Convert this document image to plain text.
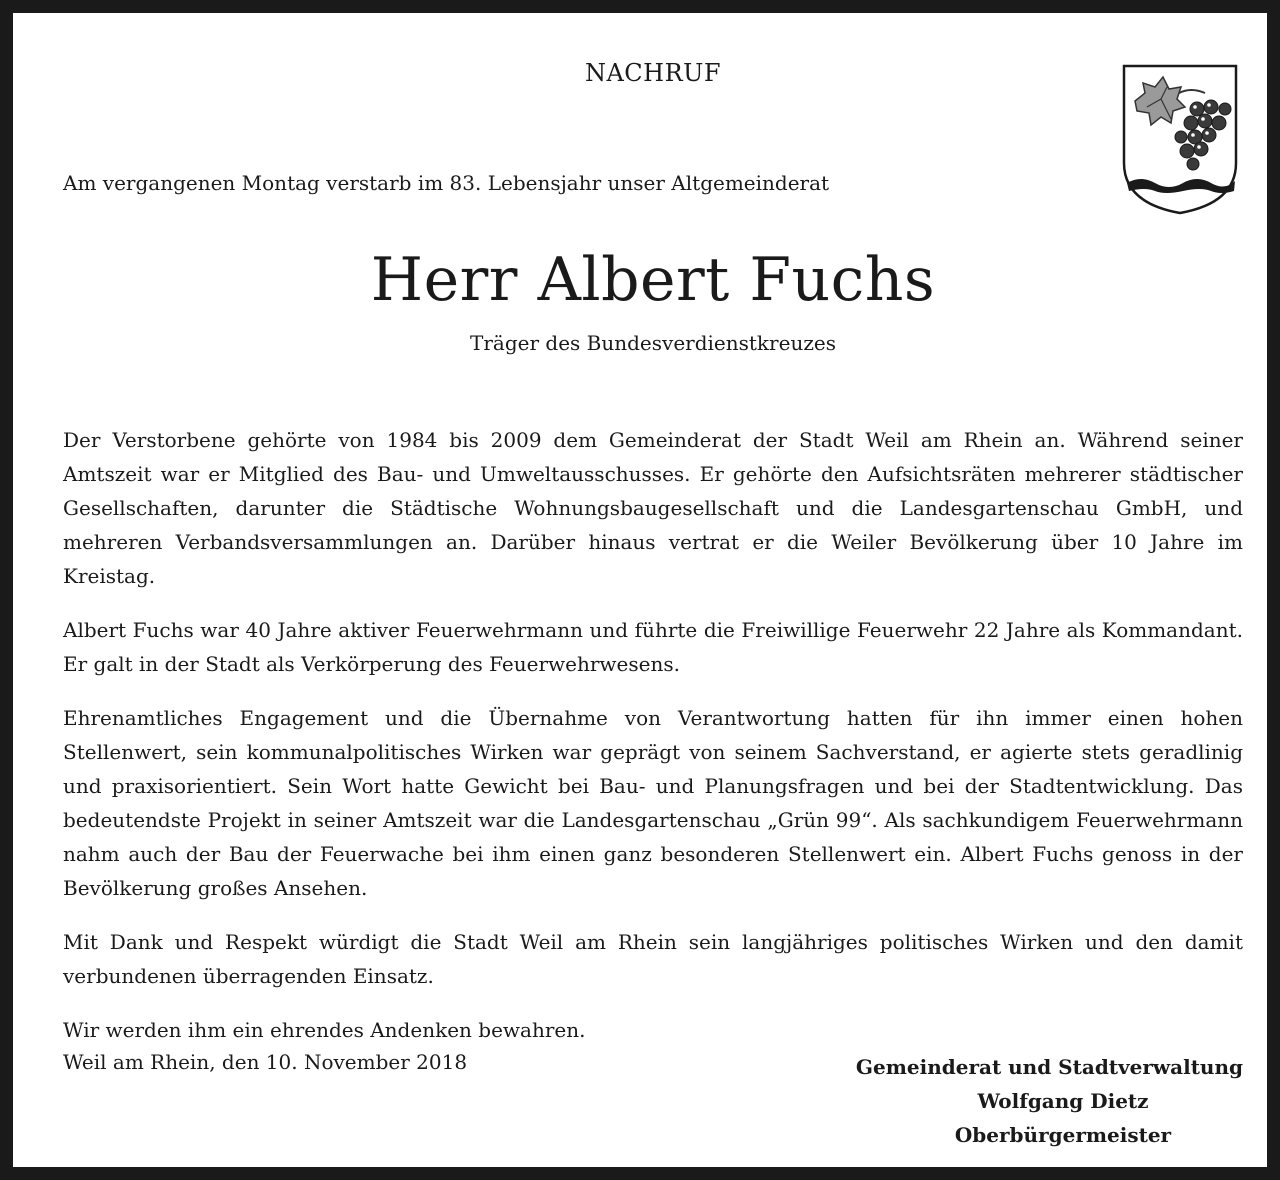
NACHRUF
Am vergangenen Montag verstarb im 83. Lebensjahr unser Altgemeinderat
Herr Albert Fuchs
Träger des Bundesverdienstkreuzes

Der Verstorbene gehörte von 1984 bis 2009 dem Gemeinderat der Stadt Weil am Rhein an. Während seiner Amtszeit war er Mitglied des Bau- und Umweltausschusses. Er gehörte den Aufsichtsräten mehrerer städtischer Gesellschaften, darunter die Städtische Wohnungsbaugesellschaft und die Landesgartenschau GmbH, und mehreren Verbandsversammlungen an. Darüber hinaus vertrat er die Weiler Bevölkerung über 10 Jahre im Kreistag.

Albert Fuchs war 40 Jahre aktiver Feuerwehrmann und führte die Freiwillige Feuerwehr 22 Jahre als Kommandant. Er galt in der Stadt als Verkörperung des Feuerwehrwesens.

Ehrenamtliches Engagement und die Übernahme von Verantwortung hatten für ihn immer einen hohen Stellenwert, sein kommunalpolitisches Wirken war geprägt von seinem Sachverstand, er agierte stets geradlinig und praxisorientiert. Sein Wort hatte Gewicht bei Bau- und Planungsfragen und bei der Stadtentwicklung. Das bedeutendste Projekt in seiner Amtszeit war die Landesgartenschau „Grün 99“. Als sachkundigem Feuerwehrmann nahm auch der Bau der Feuerwache bei ihm einen ganz besonderen Stellenwert ein. Albert Fuchs genoss in der Bevölkerung großes Ansehen.

Mit Dank und Respekt würdigt die Stadt Weil am Rhein sein langjähriges politisches Wirken und den damit verbundenen überragenden Einsatz.

Wir werden ihm ein ehrendes Andenken bewahren.

Weil am Rhein, den 10. November 2018	Gemeinderat und Stadtverwaltung
Wolfgang Dietz
Oberbürgermeister
